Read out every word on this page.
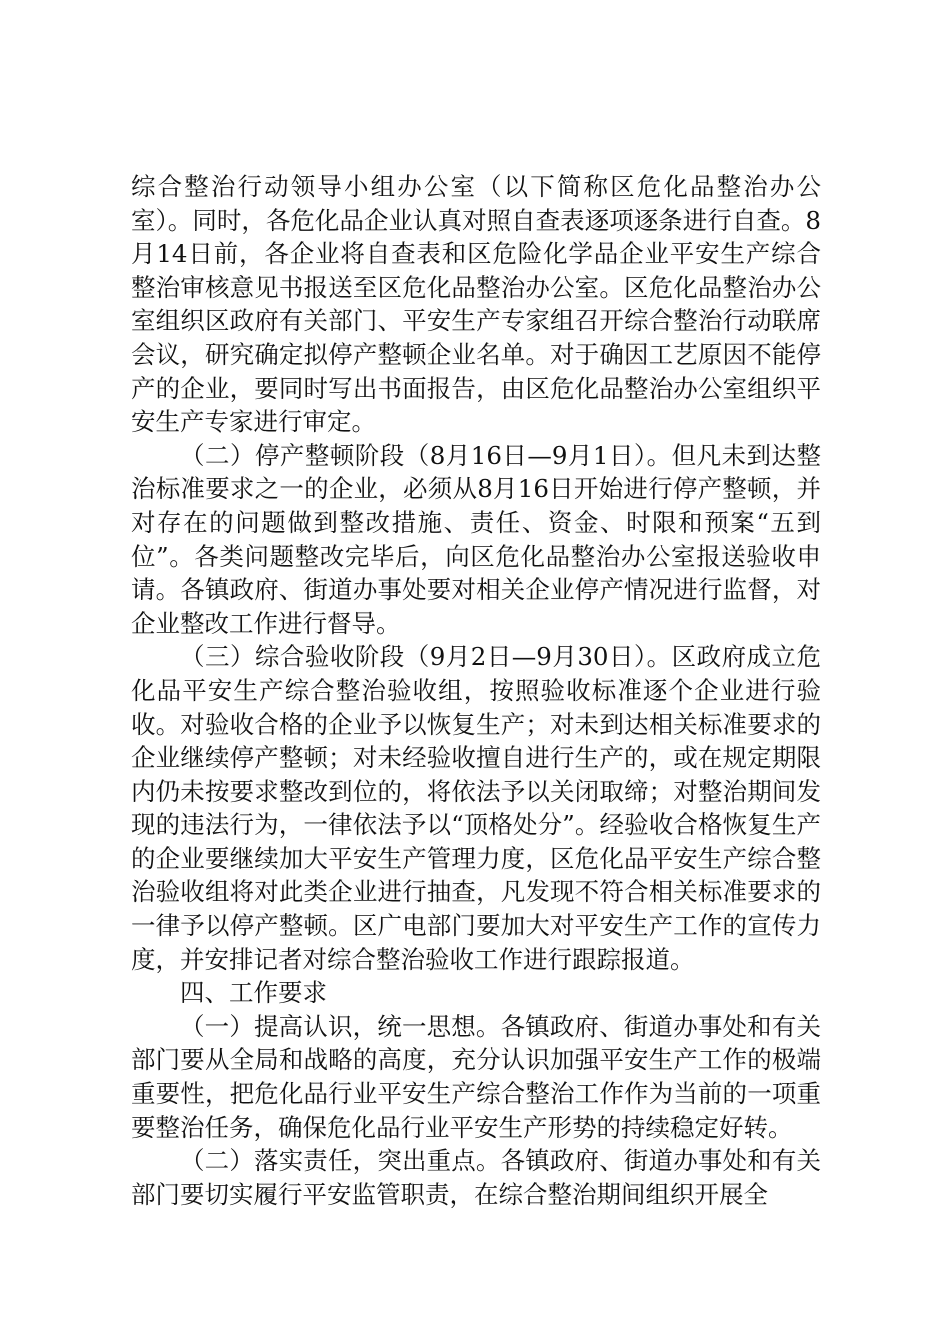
综合整治行动领导小组办公室（以下简称区危化品整治办公室）。同时，各危化品企业认真对照自查表逐项逐条进行自查。8月14日前，各企业将自查表和区危险化学品企业平安生产综合整治审核意见书报送至区危化品整治办公室。区危化品整治办公室组织区政府有关部门、平安生产专家组召开综合整治行动联席会议，研究确定拟停产整顿企业名单。对于确因工艺原因不能停产的企业，要同时写出书面报告，由区危化品整治办公室组织平安生产专家进行审定。

（二）停产整顿阶段（8月16日—9月1日）。但凡未到达整治标准要求之一的企业，必须从8月16日开始进行停产整顿，并对存在的问题做到整改措施、责任、资金、时限和预案“五到位”。各类问题整改完毕后，向区危化品整治办公室报送验收申请。各镇政府、街道办事处要对相关企业停产情况进行监督，对企业整改工作进行督导。

（三）综合验收阶段（9月2日—9月30日）。区政府成立危化品平安生产综合整治验收组，按照验收标准逐个企业进行验收。对验收合格的企业予以恢复生产；对未到达相关标准要求的企业继续停产整顿；对未经验收擅自进行生产的，或在规定期限内仍未按要求整改到位的，将依法予以关闭取缔；对整治期间发现的违法行为，一律依法予以“顶格处分”。经验收合格恢复生产的企业要继续加大平安生产管理力度，区危化品平安生产综合整治验收组将对此类企业进行抽查，凡发现不符合相关标准要求的一律予以停产整顿。区广电部门要加大对平安生产工作的宣传力度，并安排记者对综合整治验收工作进行跟踪报道。

四、工作要求

（一）提高认识，统一思想。各镇政府、街道办事处和有关部门要从全局和战略的高度，充分认识加强平安生产工作的极端重要性，把危化品行业平安生产综合整治工作作为当前的一项重要整治任务，确保危化品行业平安生产形势的持续稳定好转。

（二）落实责任，突出重点。各镇政府、街道办事处和有关部门要切实履行平安监管职责，在综合整治期间组织开展全
